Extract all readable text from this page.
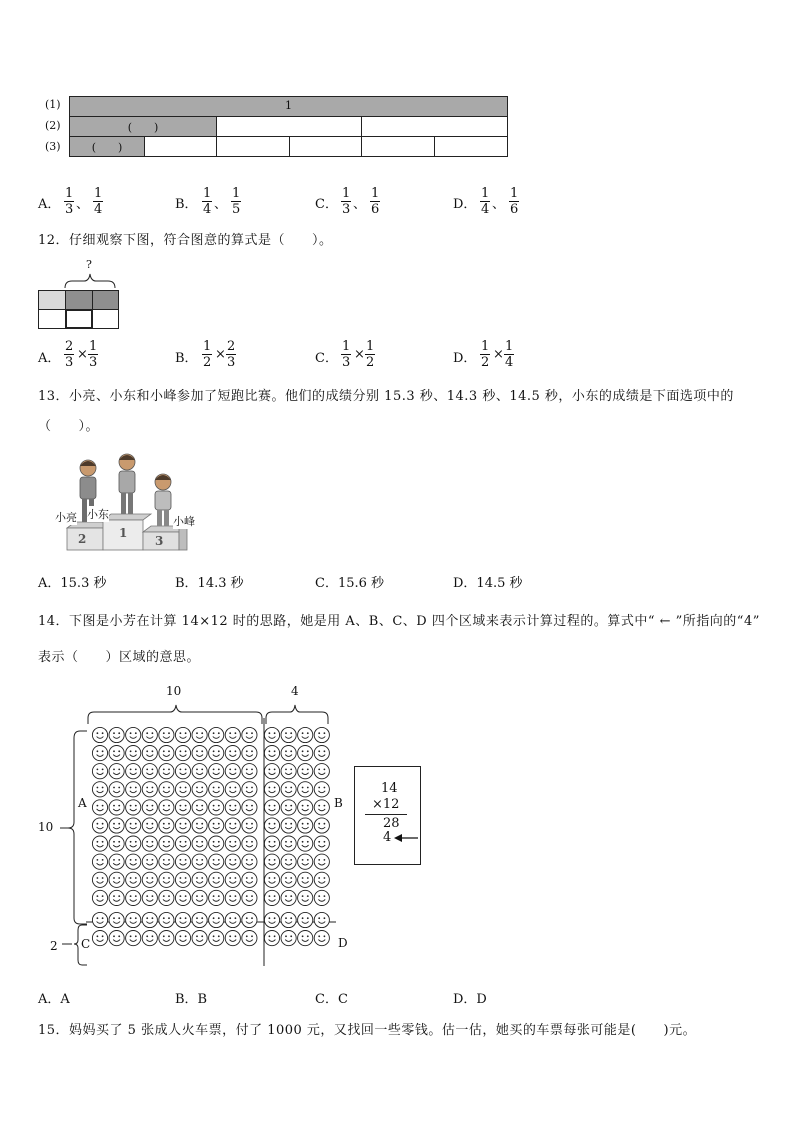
(1)
(2)
(3)
1
(　　)
(　　)
A． $\frac{1}{3}$ 、 $\frac{1}{4}$	B． $\frac{1}{4}$ 、 $\frac{1}{5}$	C． $\frac{1}{3}$ 、 $\frac{1}{6}$	D． $\frac{1}{4}$ 、 $\frac{1}{6}$
12．仔细观察下图，符合图意的算式是（　　）。
?
A． $\frac{2}{3} \times \frac{1}{3}$	B． $\frac{1}{2} \times \frac{2}{3}$	C． $\frac{1}{3} \times \frac{1}{2}$	D． $\frac{1}{2} \times \frac{1}{4}$
13．小亮、小东和小峰参加了短跑比赛。他们的成绩分别 15.3 秒、14.3 秒、14.5 秒，小东的成绩是下面选项中的
（　　）。
2	1
3
小亮 小东
小峰
A．15.3 秒	B．14.3 秒	C．15.6 秒	D．14.5 秒
14．下图是小芳在计算 14×12 时的思路，她是用 A、B、C、D 四个区域来表示计算过程的。算式中“ ← ”所指向的“4”
表示（　　）区域的意思。
10	4
10
2
A	B
C	D
14
×12
28
4
A．A	B．B	C．C	D．D
15．妈妈买了 5 张成人火车票，付了 1000 元，又找回一些零钱。估一估，她买的车票每张可能是(　　)元。
